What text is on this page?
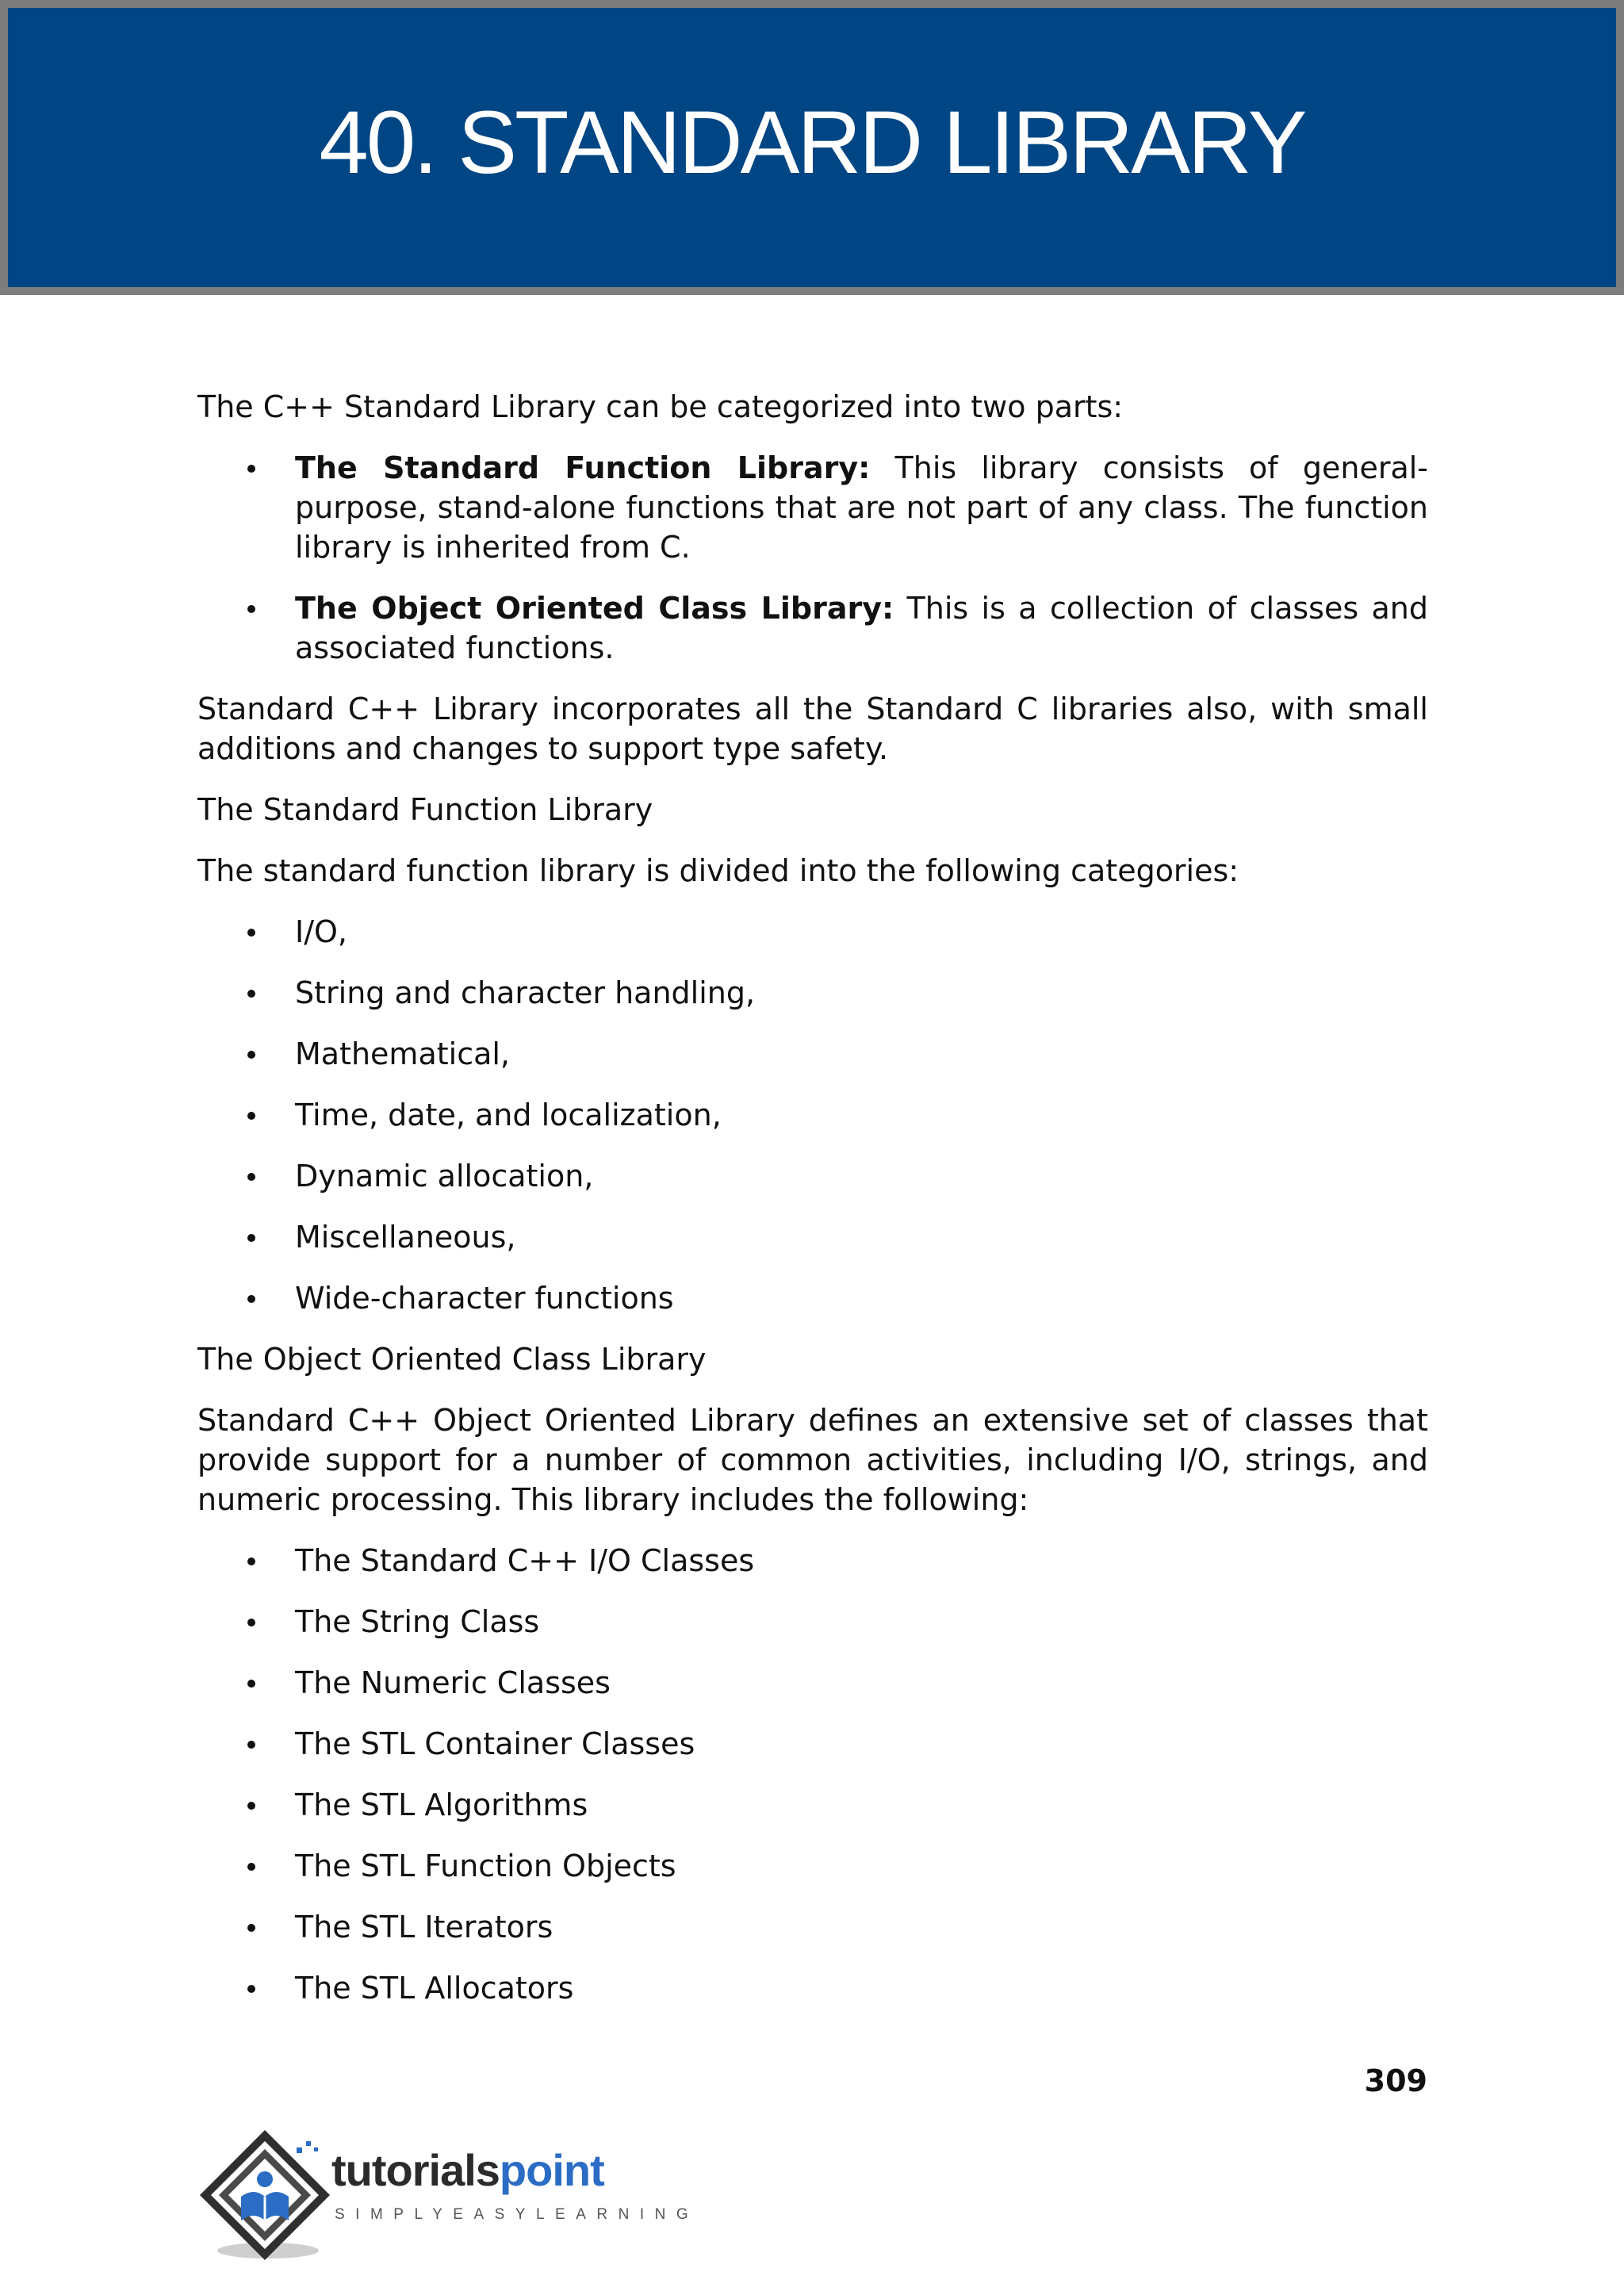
40. STANDARD LIBRARY

The C++ Standard Library can be categorized into two parts:

The Standard Function Library: This library consists of general-purpose, stand-alone functions that are not part of any class. The function library is inherited from C.
The Object Oriented Class Library: This is a collection of classes and associated functions.

Standard C++ Library incorporates all the Standard C libraries also, with small additions and changes to support type safety.

The Standard Function Library

The standard function library is divided into the following categories:

I/O,
String and character handling,
Mathematical,
Time, date, and localization,
Dynamic allocation,
Miscellaneous,
Wide-character functions

The Object Oriented Class Library

Standard C++ Object Oriented Library defines an extensive set of classes that provide support for a number of common activities, including I/O, strings, and numeric processing. This library includes the following:

The Standard C++ I/O Classes
The String Class
The Numeric Classes
The STL Container Classes
The STL Algorithms
The STL Function Objects
The STL Iterators
The STL Allocators
309
tutorialspoint
SIMPLYEASYLEARNING
